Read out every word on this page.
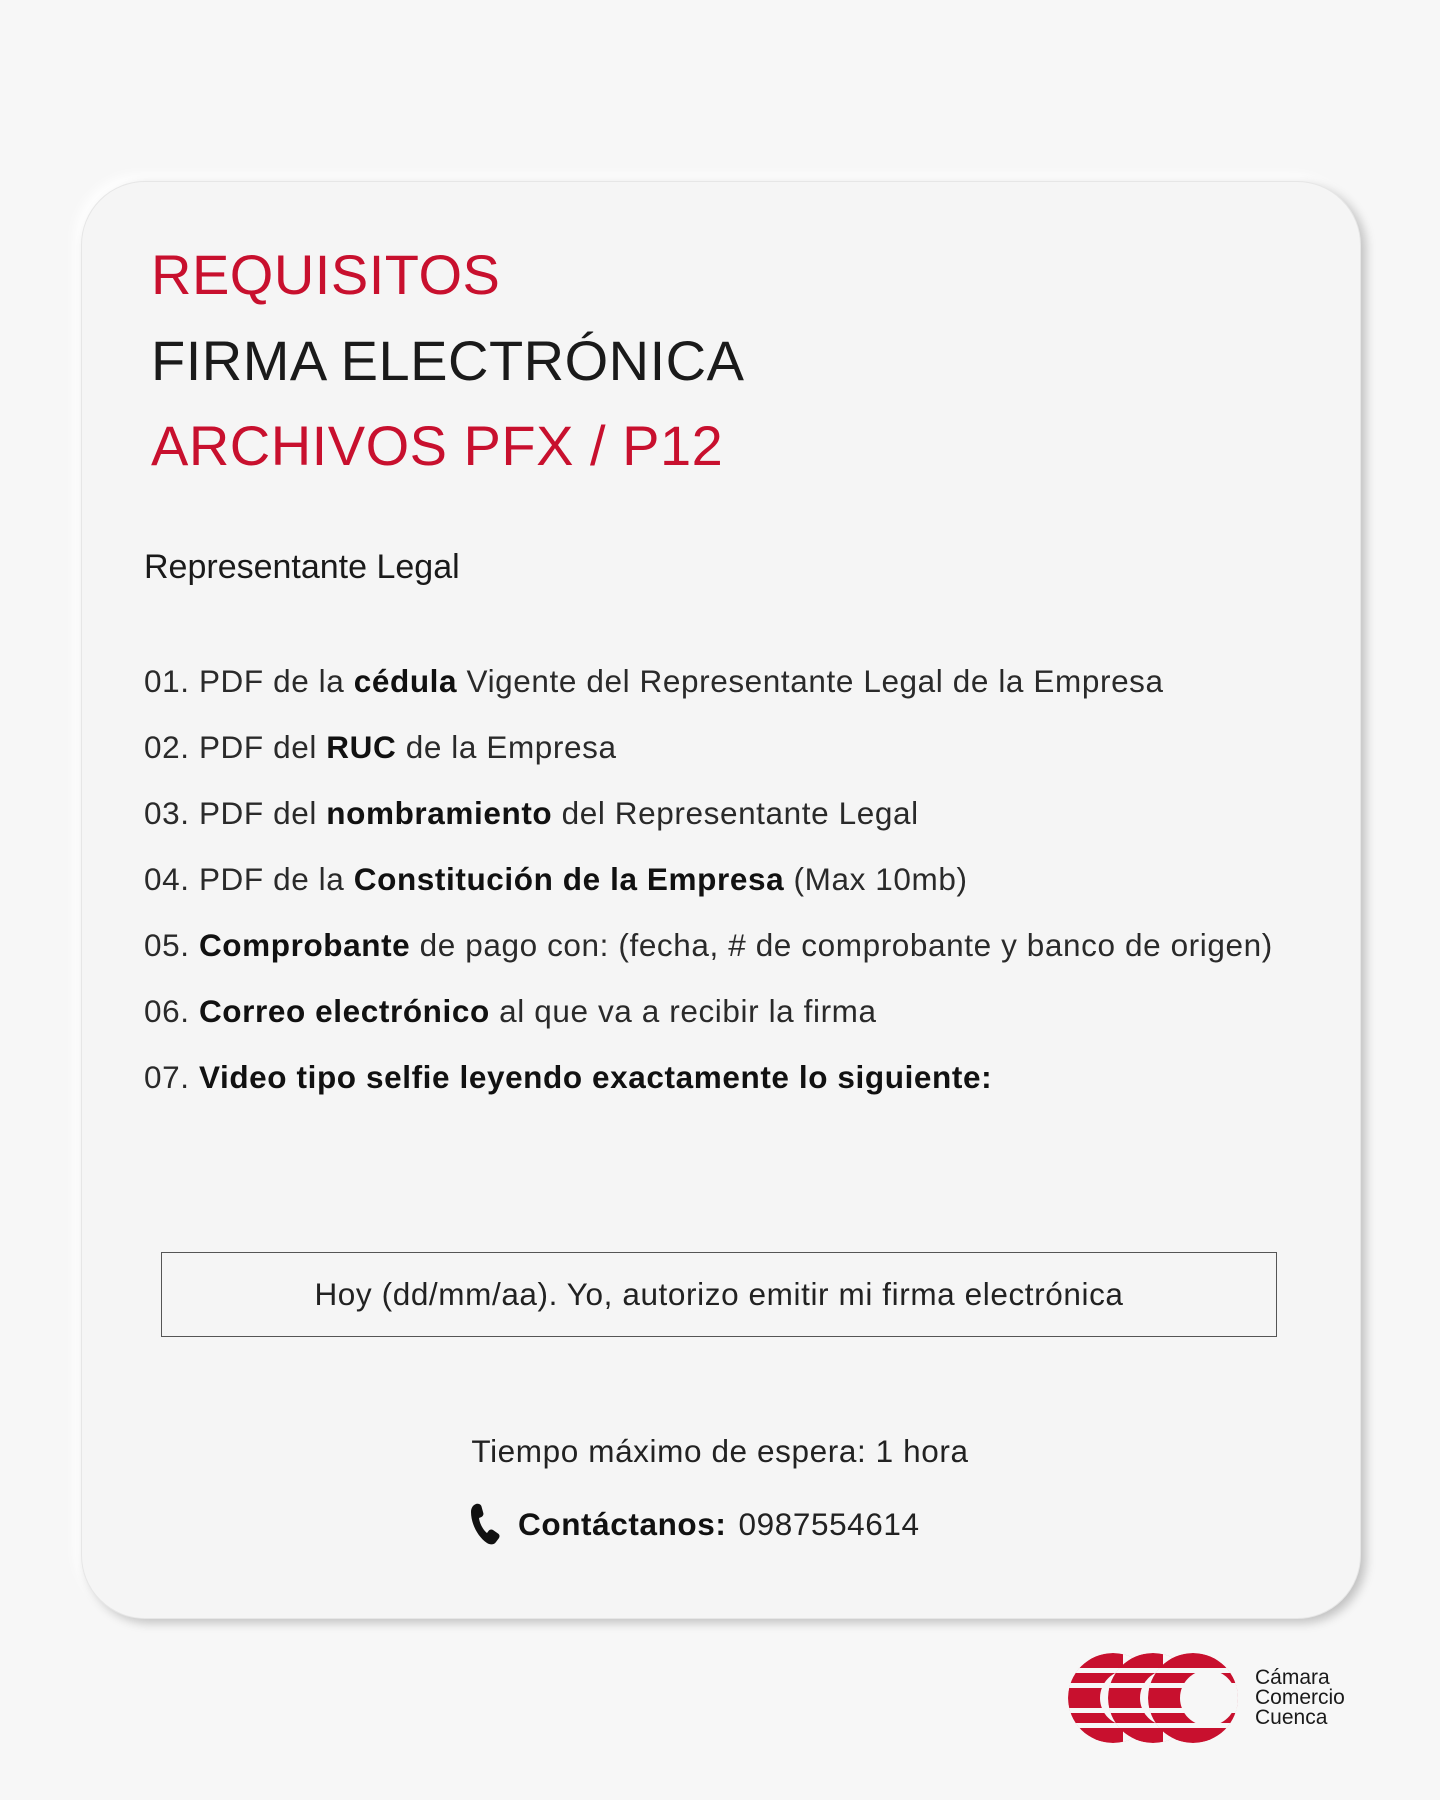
REQUISITOS
FIRMA ELECTRÓNICA
ARCHIVOS PFX / P12
Representante Legal
01. PDF de la cédula Vigente del Representante Legal de la Empresa
02. PDF del RUC de la Empresa
03. PDF del nombramiento del Representante Legal
04. PDF de la Constitución de la Empresa (Max 10mb)
05. Comprobante de pago con: (fecha, # de comprobante y banco de origen)
06. Correo electrónico al que va a recibir la firma
07. Video tipo selfie leyendo exactamente lo siguiente:
Hoy (dd/mm/aa). Yo, autorizo emitir mi firma electrónica
Tiempo máximo de espera: 1 hora
Contáctanos: 0987554614
Cámara
Comercio
Cuenca
